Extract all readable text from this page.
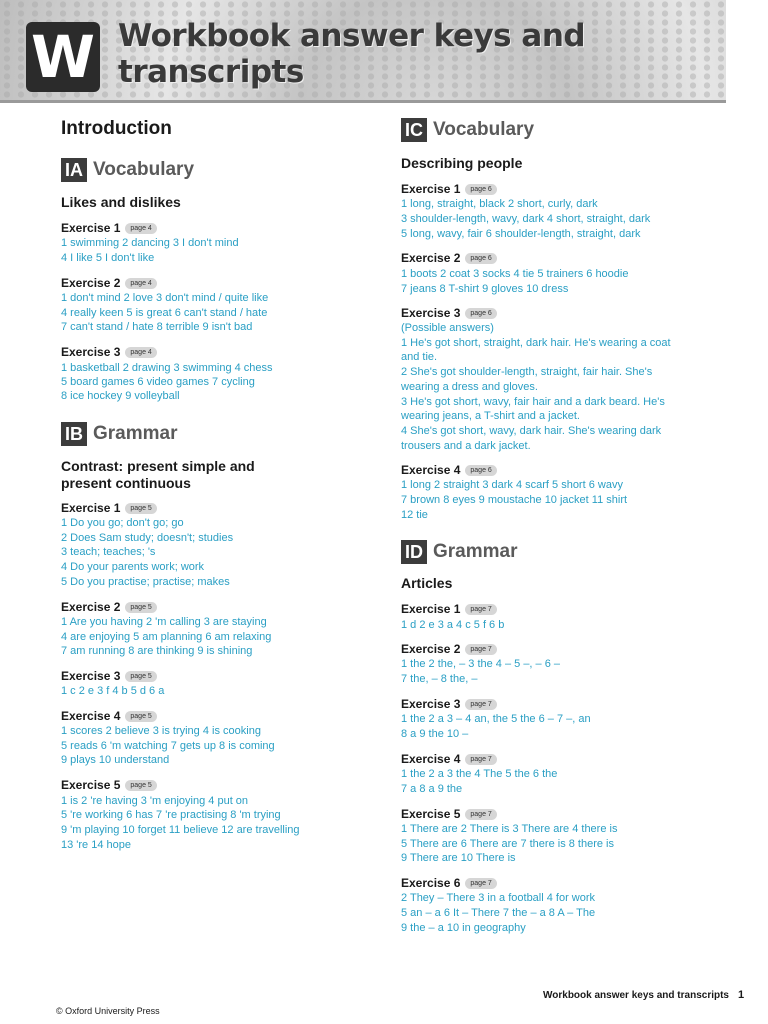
W Workbook answer keys and transcripts
Introduction
IA Vocabulary
Likes and dislikes
Exercise 1	page 4
1 swimming 2 dancing 3 I don't mind
4 I like 5 I don't like
Exercise 2	page 4
1 don't mind 2 love 3 don't mind / quite like
4 really keen 5 is great 6 can't stand / hate
7 can't stand / hate 8 terrible 9 isn't bad
Exercise 3	page 4
1 basketball 2 drawing 3 swimming 4 chess
5 board games 6 video games 7 cycling
8 ice hockey 9 volleyball
IB Grammar
Contrast: present simple and
present continuous
Exercise 1	page 5
1 Do you go; don't go; go
2 Does Sam study; doesn't; studies
3 teach; teaches; 's
4 Do your parents work; work
5 Do you practise; practise; makes
Exercise 2	page 5
1 Are you having 2 'm calling 3 are staying
4 are enjoying 5 am planning 6 am relaxing
7 am running 8 are thinking 9 is shining
Exercise 3	page 5
1 c 2 e 3 f 4 b 5 d 6 a
Exercise 4	page 5
1 scores 2 believe 3 is trying 4 is cooking
5 reads 6 'm watching 7 gets up 8 is coming
9 plays 10 understand
Exercise 5	page 5
1 is 2 're having 3 'm enjoying 4 put on
5 're working 6 has 7 're practising 8 'm trying
9 'm playing 10 forget 11 believe 12 are travelling
13 're 14 hope
IC Vocabulary
Describing people
Exercise 1	page 6
1 long, straight, black 2 short, curly, dark
3 shoulder-length, wavy, dark 4 short, straight, dark
5 long, wavy, fair 6 shoulder-length, straight, dark
Exercise 2	page 6
1 boots 2 coat 3 socks 4 tie 5 trainers 6 hoodie
7 jeans 8 T-shirt 9 gloves 10 dress
Exercise 3	page 6
(Possible answers)
1 He's got short, straight, dark hair. He's wearing a coat
and tie.
2 She's got shoulder-length, straight, fair hair. She's
wearing a dress and gloves.
3 He's got short, wavy, fair hair and a dark beard. He's
wearing jeans, a T-shirt and a jacket.
4 She's got short, wavy, dark hair. She's wearing dark
trousers and a dark jacket.
Exercise 4	page 6
1 long 2 straight 3 dark 4 scarf 5 short 6 wavy
7 brown 8 eyes 9 moustache 10 jacket 11 shirt
12 tie
ID Grammar
Articles
Exercise 1	page 7
1 d 2 e 3 a 4 c 5 f 6 b
Exercise 2	page 7
1 the 2 the, – 3 the 4 – 5 –, – 6 –
7 the, – 8 the, –
Exercise 3	page 7
1 the 2 a 3 – 4 an, the 5 the 6 – 7 –, an
8 a 9 the 10 –
Exercise 4	page 7
1 the 2 a 3 the 4 The 5 the 6 the
7 a 8 a 9 the
Exercise 5	page 7
1 There are 2 There is 3 There are 4 there is
5 There are 6 There are 7 there is 8 there is
9 There are 10 There is
Exercise 6	page 7
2 They – There 3 in a football 4 for work
5 an – a 6 It – There 7 the – a 8 A – The
9 the – a 10 in geography
Workbook answer keys and transcripts 1
© Oxford University Press
